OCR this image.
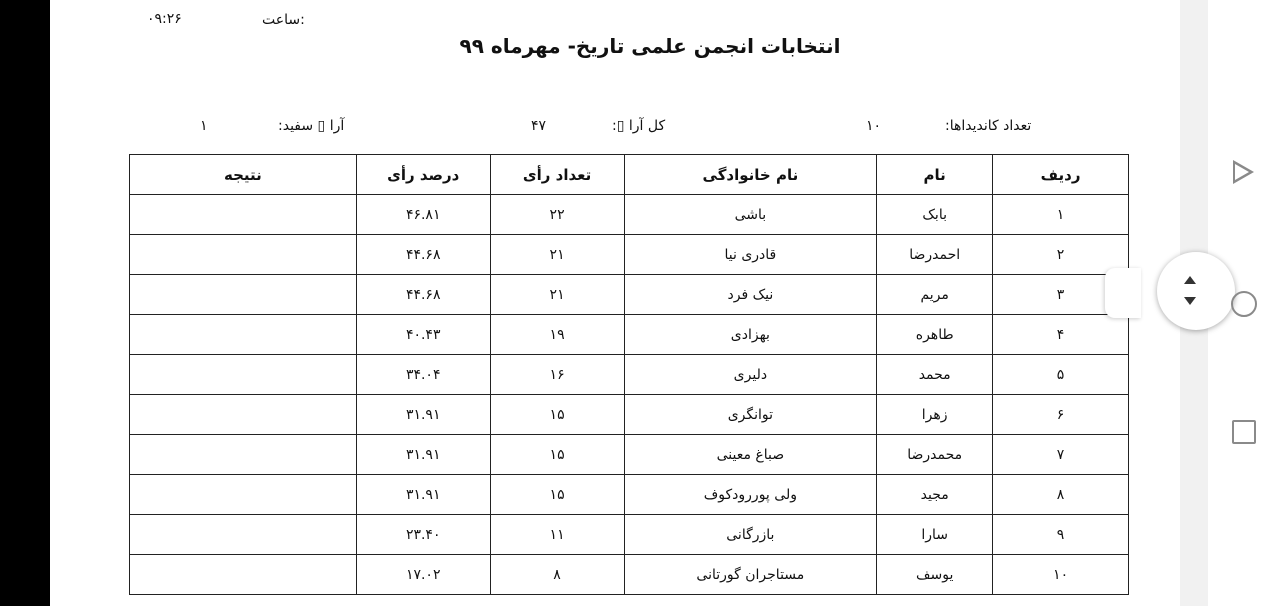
ساعت:
۰۹:۲۶
انتخابات انجمن علمی تاریخ- مهرماه ۹۹
تعداد کاندیداها:
۱۰
کل آرا ▯:
۴۷
آرا ▯ سفید:
۱
ردیف	نام	نام خانوادگی	تعداد رأی	درصد رأی	نتیجه
۱	بابک	باشی	۲۲	۴۶.۸۱	
۲	احمدرضا	قادری نیا	۲۱	۴۴.۶۸	
۳	مریم	نیک فرد	۲۱	۴۴.۶۸	
۴	طاهره	بهزادی	۱۹	۴۰.۴۳	
۵	محمد	دلیری	۱۶	۳۴.۰۴	
۶	زهرا	توانگری	۱۵	۳۱.۹۱	
۷	محمدرضا	صباغ معینی	۱۵	۳۱.۹۱	
۸	مجید	ولی پوررودکوف	۱۵	۳۱.۹۱	
۹	سارا	بازرگانی	۱۱	۲۳.۴۰	
۱۰	یوسف	مستاجران گورتانی	۸	۱۷.۰۲	
